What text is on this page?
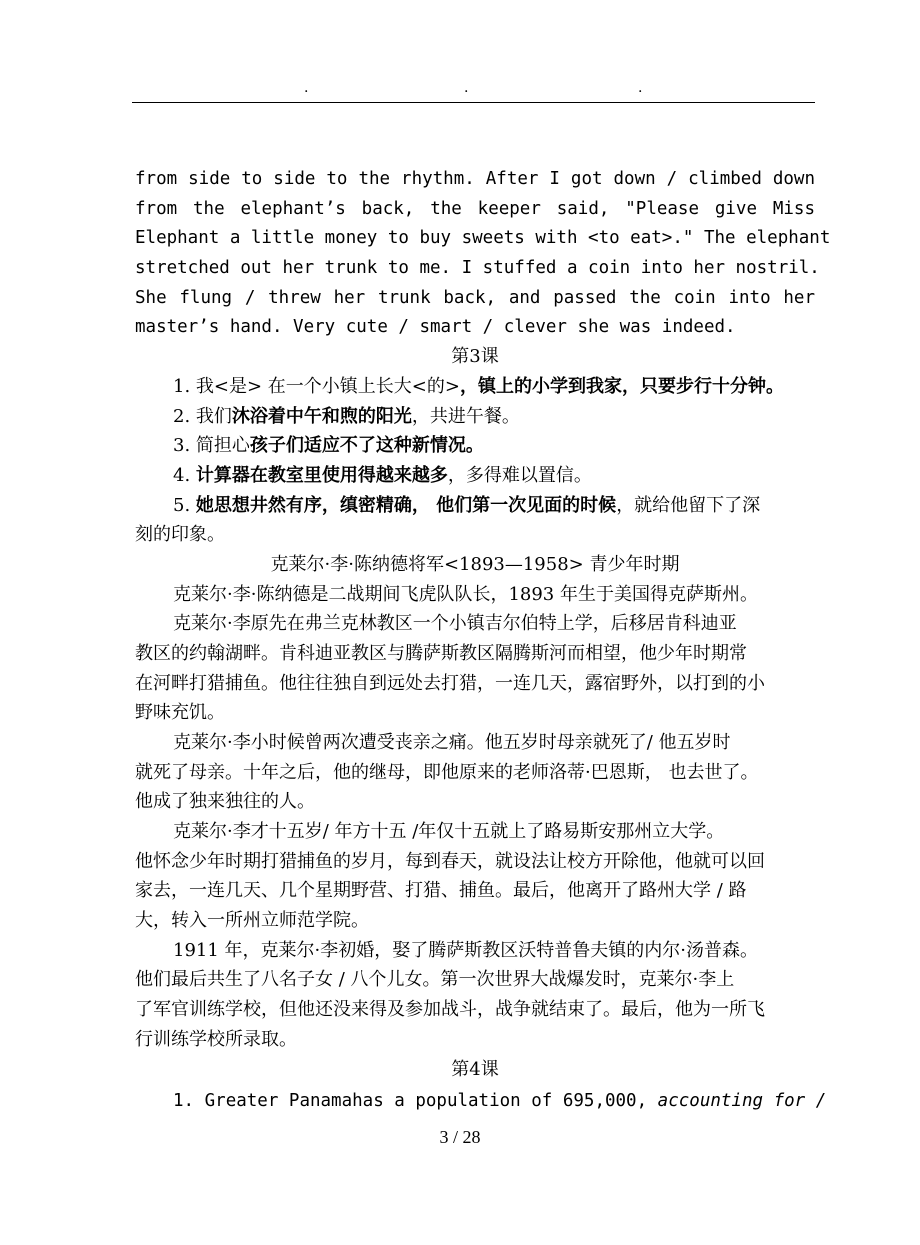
.	.	.
from side to side to the rhythm. After I got down / climbed down
from the elephant’s back, the keeper said, "Please give Miss
Elephant a little money to buy sweets with <to eat>." The elephant
stretched out her trunk to me. I stuffed a coin into her nostril.
She flung / threw her trunk back, and passed the coin into her
master’s hand. Very cute / smart / clever she was indeed.
第3课
1. 我<是> 在一个小镇上长大<的>，镇上的小学到我家，只要步行十分钟。
2. 我们沐浴着中午和煦的阳光，共进午餐。
3. 简担心孩子们适应不了这种新情况。
4. 计算器在教室里使用得越来越多，多得难以置信。
5. 她思想井然有序，缜密精确， 他们第一次见面的时候，就给他留下了深
刻的印象。
克莱尔·李·陈纳德将军<1893—1958> 青少年时期
克莱尔·李·陈纳德是二战期间飞虎队队长，1893 年生于美国得克萨斯州。
克莱尔·李原先在弗兰克林教区一个小镇吉尔伯特上学，后移居肯科迪亚
教区的约翰湖畔。肯科迪亚教区与腾萨斯教区隔腾斯河而相望，他少年时期常
在河畔打猎捕鱼。他往往独自到远处去打猎，一连几天，露宿野外，以打到的小
野味充饥。
克莱尔·李小时候曾两次遭受丧亲之痛。他五岁时母亲就死了/ 他五岁时
就死了母亲。十年之后，他的继母，即他原来的老师洛蒂·巴恩斯， 也去世了。
他成了独来独往的人。
克莱尔·李才十五岁/ 年方十五 /年仅十五就上了路易斯安那州立大学。
他怀念少年时期打猎捕鱼的岁月，每到春天，就设法让校方开除他，他就可以回
家去，一连几天、几个星期野营、打猎、捕鱼。最后，他离开了路州大学 / 路
大，转入一所州立师范学院。
1911 年，克莱尔·李初婚，娶了腾萨斯教区沃特普鲁夫镇的内尔·汤普森。
他们最后共生了八名子女 / 八个儿女。第一次世界大战爆发时，克莱尔·李上
了军官训练学校，但他还没来得及参加战斗，战争就结束了。最后，他为一所飞
行训练学校所录取。
第4课
1. Greater Panamahas a population of 695,000, accounting for /
3 / 28
